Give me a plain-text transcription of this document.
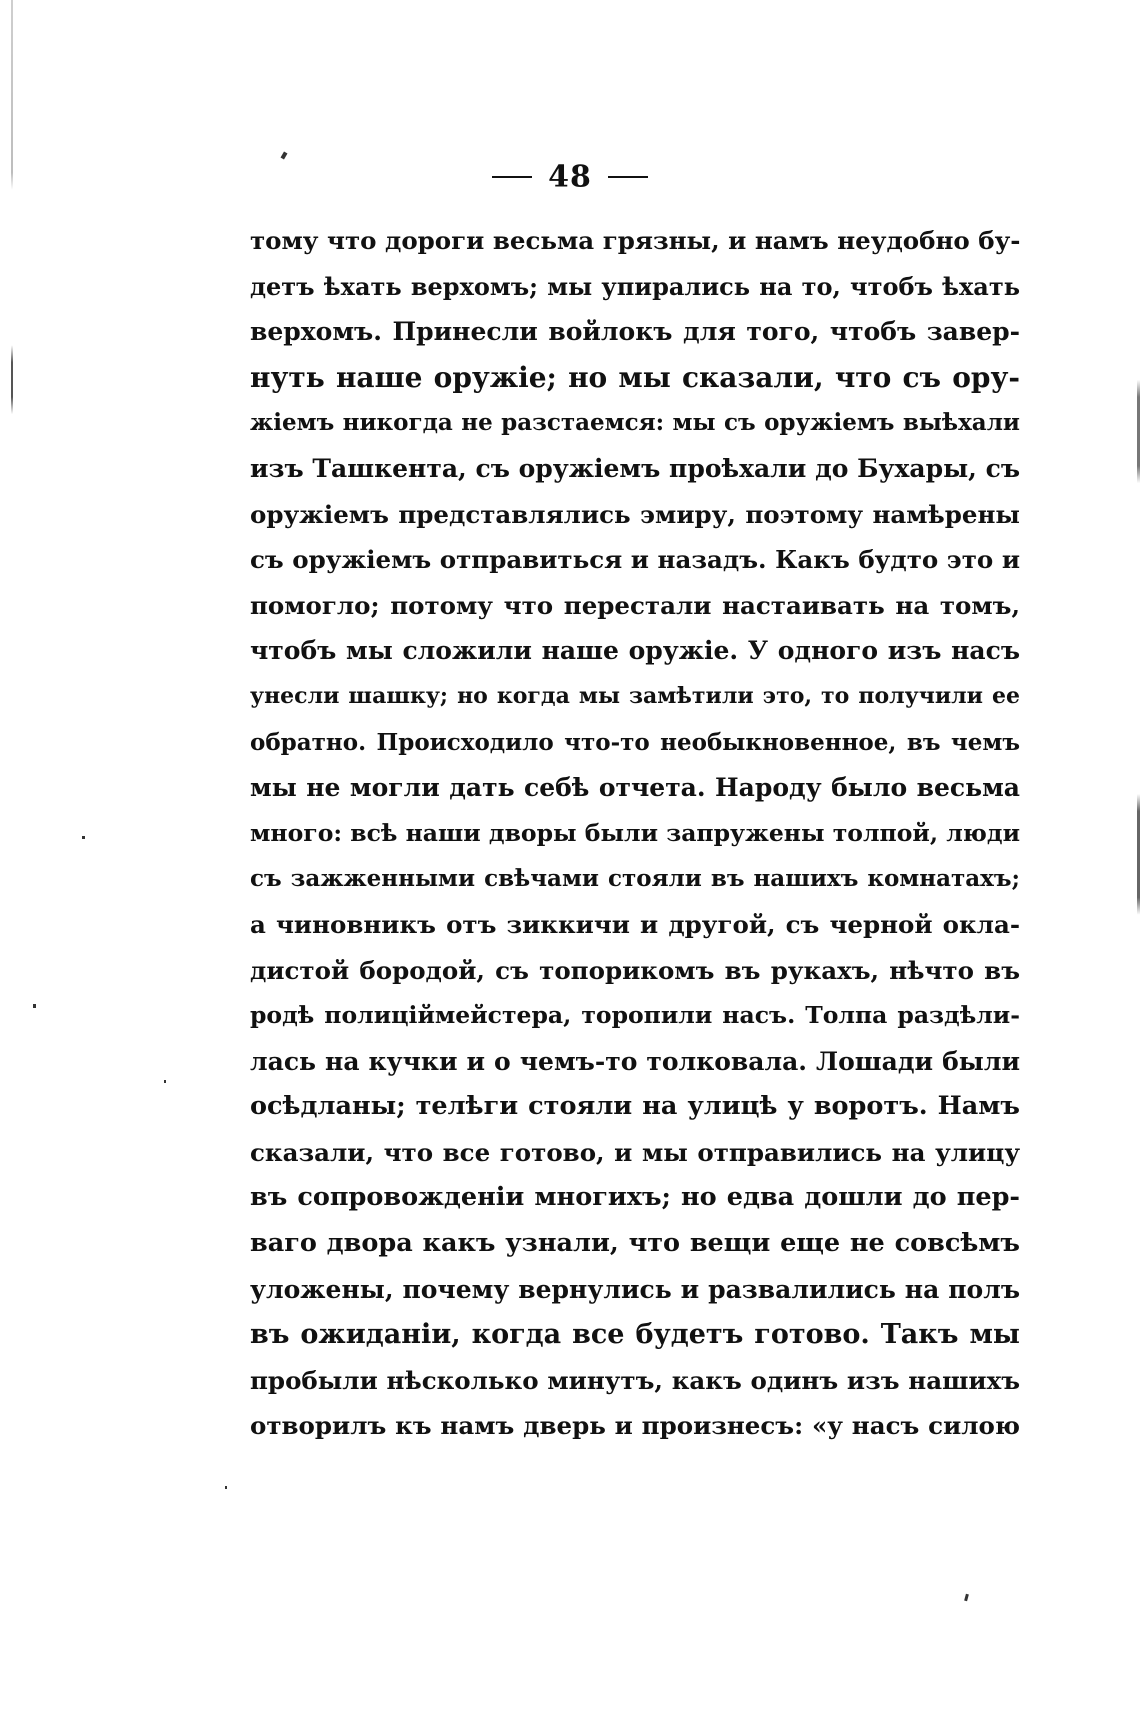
48
тому что дороги весьма грязны, и намъ неудобно бу-
детъ ѣхать верхомъ; мы упирались на то, чтобъ ѣхать
верхомъ. Принесли войлокъ для того, чтобъ завер-
нуть наше оружіе; но мы сказали, что съ ору-
жіемъ никогда не разстаемся: мы съ оружіемъ выѣхали
изъ Ташкента, съ оружіемъ проѣхали до Бухары, съ
оружіемъ представлялись эмиру, поэтому намѣрены
съ оружіемъ отправиться и назадъ. Какъ будто это и
помогло; потому что перестали настаивать на томъ,
чтобъ мы сложили наше оружіе. У одного изъ насъ
унесли шашку; но когда мы замѣтили это, то получили ее
обратно. Происходило что-то необыкновенное, въ чемъ
мы не могли дать себѣ отчета. Народу было весьма
много: всѣ наши дворы были запружены толпой, люди
съ зажженными свѣчами стояли въ нашихъ комнатахъ;
а чиновникъ отъ зиккичи и другой, съ черной окла-
дистой бородой, съ топорикомъ въ рукахъ, нѣчто въ
родѣ полиціймейстера, торопили насъ. Толпа раздѣли-
лась на кучки и о чемъ-то толковала. Лошади были
осѣдланы; телѣги стояли на улицѣ у воротъ. Намъ
сказали, что все готово, и мы отправились на улицу
въ сопровожденіи многихъ; но едва дошли до пер-
ваго двора какъ узнали, что вещи еще не совсѣмъ
уложены, почему вернулись и развалились на полъ
въ ожиданіи, когда все будетъ готово. Такъ мы
пробыли нѣсколько минутъ, какъ одинъ изъ нашихъ
отворилъ къ намъ дверь и произнесъ: «у насъ силою
